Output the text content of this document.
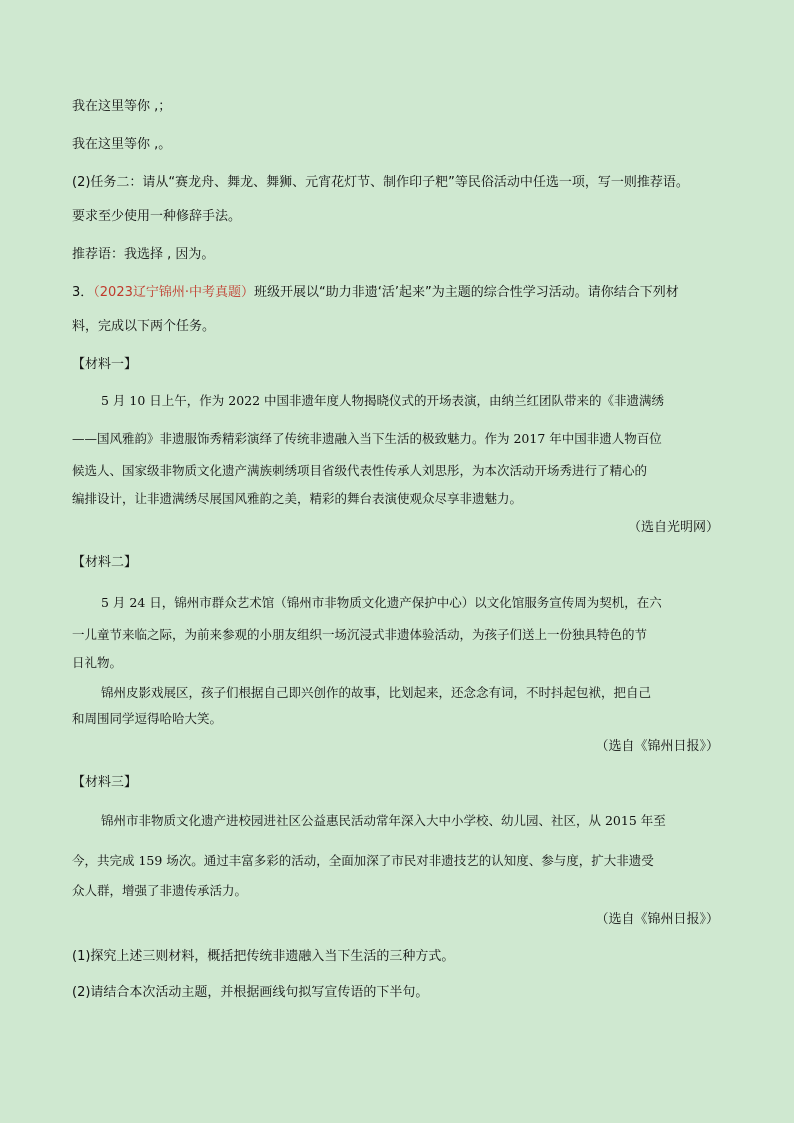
我在这里等你 ,；
我在这里等你 ,。
(2)任务二：请从“赛龙舟、舞龙、舞狮、元宵花灯节、制作印子粑”等民俗活动中任选一项，写一则推荐语。
要求至少使用一种修辞手法。
推荐语：我选择 , 因为。
3．（2023辽宁锦州·中考真题）班级开展以“助力非遗‘活’起来”为主题的综合性学习活动。请你结合下列材
料，完成以下两个任务。
【材料一】
5 月 10 日上午，作为 2022 中国非遗年度人物揭晓仪式的开场表演，由纳兰红团队带来的《非遗满绣
——国风雅韵》非遗服饰秀精彩演绎了传统非遗融入当下生活的极致魅力。作为 2017 年中国非遗人物百位
候选人、国家级非物质文化遗产满族刺绣项目省级代表性传承人刘思彤，为本次活动开场秀进行了精心的
编排设计，让非遗满绣尽展国风雅韵之美，精彩的舞台表演使观众尽享非遗魅力。
（选自光明网）
【材料二】
5 月 24 日，锦州市群众艺术馆（锦州市非物质文化遗产保护中心）以文化馆服务宣传周为契机，在六
一儿童节来临之际，为前来参观的小朋友组织一场沉浸式非遗体验活动，为孩子们送上一份独具特色的节
日礼物。
锦州皮影戏展区，孩子们根据自己即兴创作的故事，比划起来，还念念有词，不时抖起包袱，把自己
和周围同学逗得哈哈大笑。
（选自《锦州日报》）
【材料三】
锦州市非物质文化遗产进校园进社区公益惠民活动常年深入大中小学校、幼儿园、社区，从 2015 年至
今，共完成 159 场次。通过丰富多彩的活动，全面加深了市民对非遗技艺的认知度、参与度，扩大非遗受
众人群，增强了非遗传承活力。
（选自《锦州日报》）
(1)探究上述三则材料，概括把传统非遗融入当下生活的三种方式。
(2)请结合本次活动主题，并根据画线句拟写宣传语的下半句。
